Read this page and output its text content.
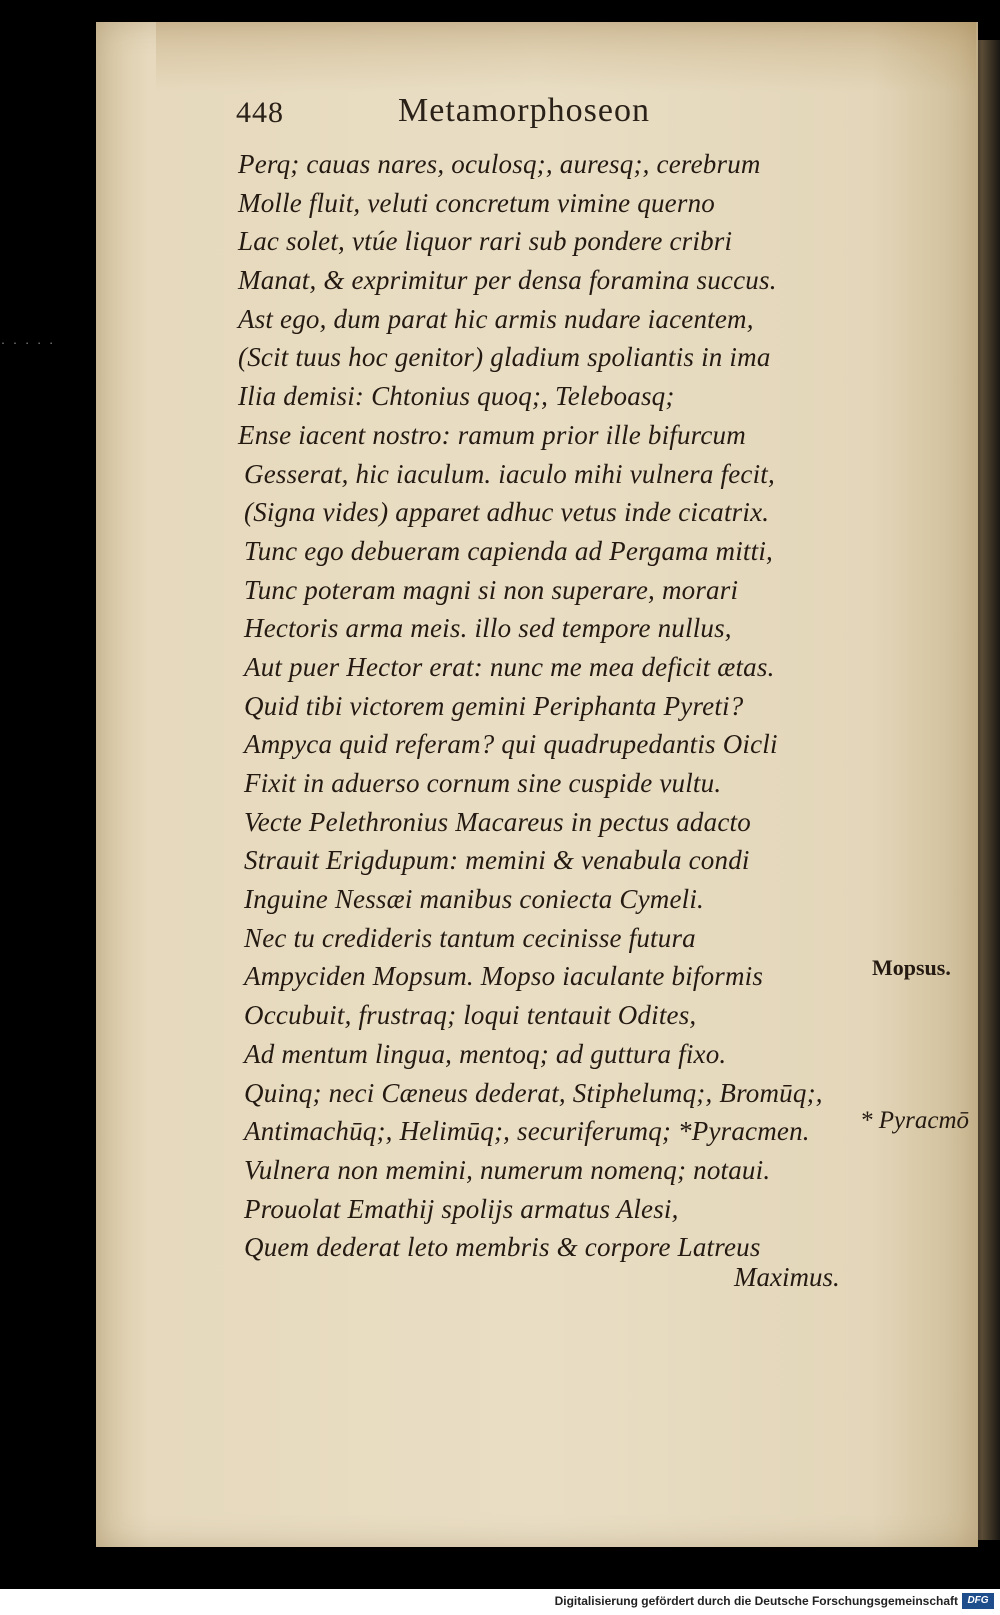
. . . . .
448	Metamorphoseon
Perq; cauas nares, oculosq;, auresq;, cerebrum
Molle fluit, veluti concretum vimine querno
Lac solet, vtúe liquor rari sub pondere cribri
Manat, & exprimitur per densa foramina succus.
Ast ego, dum parat hic armis nudare iacentem,
(Scit tuus hoc genitor) gladium spoliantis in ima
Ilia demisi: Chtonius quoq;, Teleboasq;
Ense iacent nostro: ramum prior ille bifurcum
Gesserat, hic iaculum. iaculo mihi vulnera fecit,
(Signa vides) apparet adhuc vetus inde cicatrix.
Tunc ego debueram capienda ad Pergama mitti,
Tunc poteram magni si non superare, morari
Hectoris arma meis. illo sed tempore nullus,
Aut puer Hector erat: nunc me mea deficit ætas.
Quid tibi victorem gemini Periphanta Pyreti?
Ampyca quid referam? qui quadrupedantis Oicli
Fixit in aduerso cornum sine cuspide vultu.
Vecte Pelethronius Macareus in pectus adacto
Strauit Erigdupum: memini & venabula condi
Inguine Nessæi manibus coniecta Cymeli.
Nec tu credideris tantum cecinisse futura
Ampyciden Mopsum. Mopso iaculante biformis
Occubuit, frustraq; loqui tentauit Odites,
Ad mentum lingua, mentoq; ad guttura fixo.
Quinq; neci Cæneus dederat, Stiphelumq;, Bromūq;,
Antimachūq;, Helimūq;, securiferumq; *Pyracmen.
Vulnera non memini, numerum nomenq; notaui.
Prouolat Emathij spolijs armatus Alesi,
Quem dederat leto membris & corpore Latreus
Mopsus.
* Pyracmō
Maximus.
Digitalisierung gefördert durch die Deutsche Forschungsgemeinschaft DFG
